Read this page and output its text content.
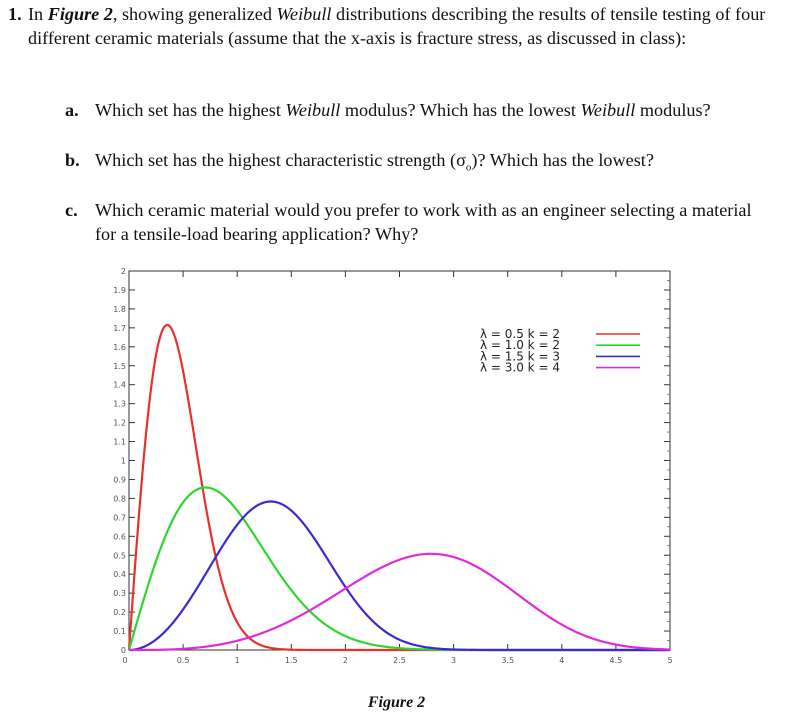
1. In Figure 2, showing generalized Weibull distributions describing the results of tensile testing of four different ceramic materials (assume that the x-axis is fracture stress, as discussed in class):
a. Which set has the highest Weibull modulus? Which has the lowest Weibull modulus?
b. Which set has the highest characteristic strength $(\sigma_o)$? Which has the lowest?
c. Which ceramic material would you prefer to work with as an engineer selecting a material for a tensile-load bearing application? Why?
0
0.1
0.2
0.3
0.4
0.5
0.6
0.7
0.8
0.9
1
1.1
1.2
1.3
1.4
1.5
1.6
1.7
1.8
1.9
2
0	0.5	1	1.5	2	2.5	3	3.5	4	4.5	5
λ = 0.5 k = 2
λ = 1.0 k = 2
λ = 1.5 k = 3
λ = 3.0 k = 4
Figure 2
